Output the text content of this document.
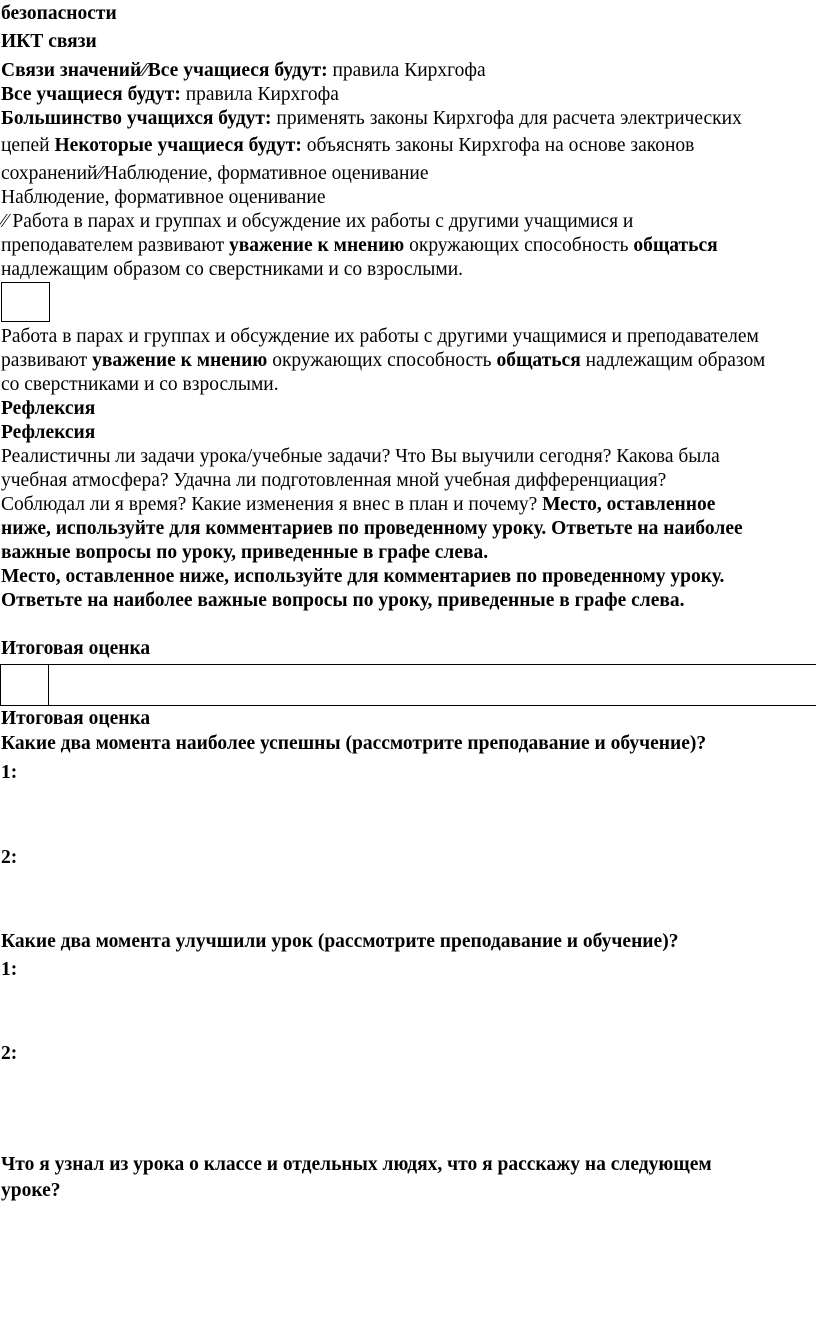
безопасности
ИКТ связи
Связи значений⁄⁄Все учащиеся будут: правила Кирхгофа
Все учащиеся будут: правила Кирхгофа
Большинство учащихся будут: применять законы Кирхгофа для расчета электрических
цепей Некоторые учащиеся будут: объяснять законы Кирхгофа на основе законов
сохранений⁄⁄Наблюдение, формативное оценивание
Наблюдение, формативное оценивание
⁄⁄ Работа в парах и группах и обсуждение их работы с другими учащимися и
преподавателем развивают уважение к мнению окружающих способность общаться
надлежащим образом со сверстниками и со взрослыми.
Работа в парах и группах и обсуждение их работы с другими учащимися и преподавателем
развивают уважение к мнению окружающих способность общаться надлежащим образом
со сверстниками и со взрослыми.
Рефлексия
Рефлексия
Реалистичны ли задачи урока/учебные задачи? Что Вы выучили сегодня? Какова была
учебная атмосфера? Удачна ли подготовленная мной учебная дифференциация?
Соблюдал ли я время? Какие изменения я внес в план и почему? Место, оставленное
ниже, используйте для комментариев по проведенному уроку. Ответьте на наиболее
важные вопросы по уроку, приведенные в графе слева.
Место, оставленное ниже, используйте для комментариев по проведенному уроку.
Ответьте на наиболее важные вопросы по уроку, приведенные в графе слева.
Итоговая оценка
Итоговая оценка
Какие два момента наиболее успешны (рассмотрите преподавание и обучение)?
1:
2:
Какие два момента улучшили урок (рассмотрите преподавание и обучение)?
1:
2:
Что я узнал из урока о классе и отдельных людях, что я расскажу на следующем
уроке?
